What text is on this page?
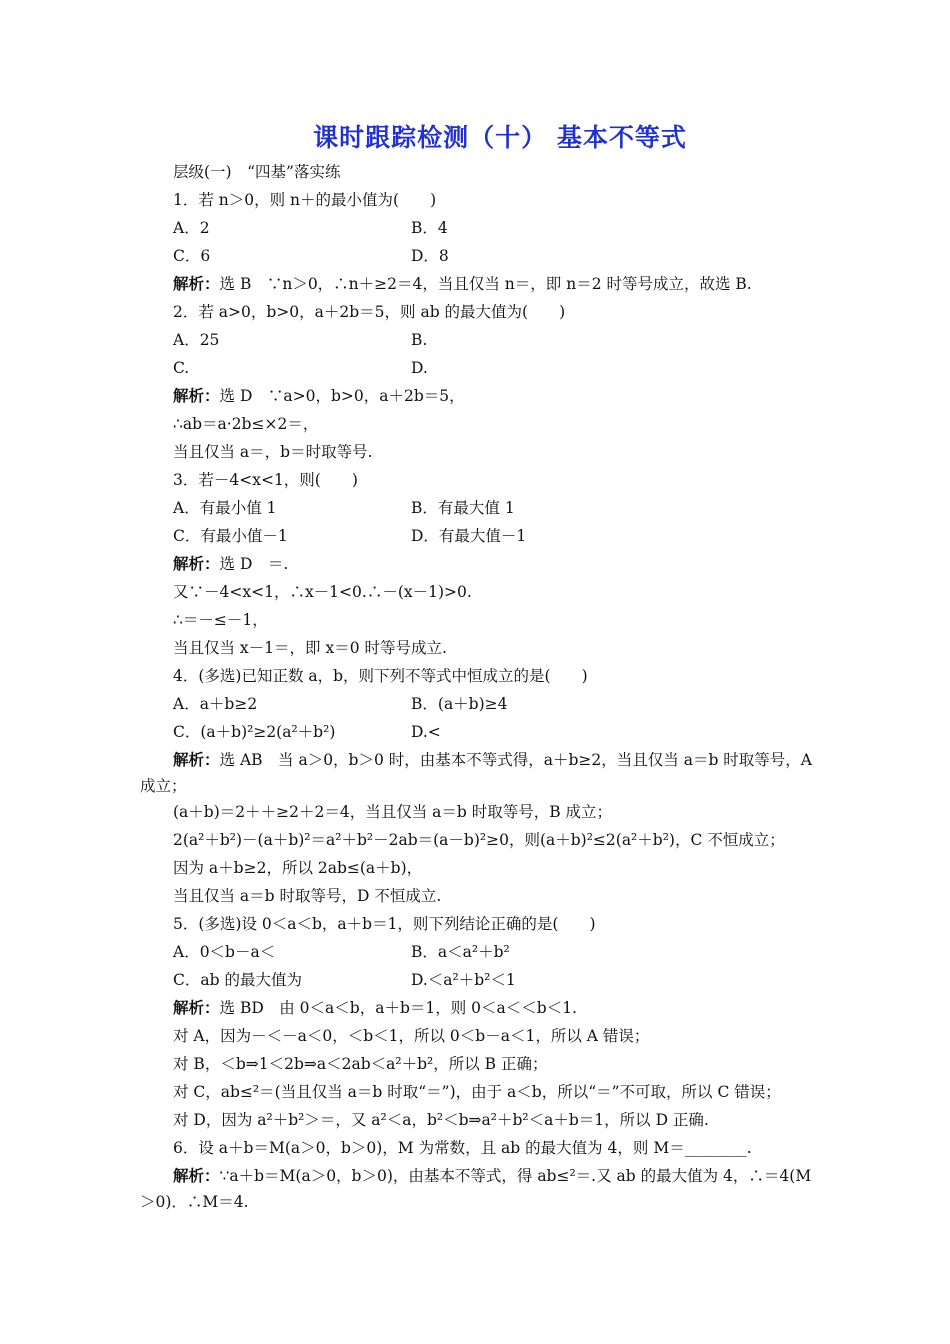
课时跟踪检测（十） 基本不等式
层级(一)　“四基”落实练
1．若 n＞0，则 n＋的最小值为(　　)
A．2	B．4
C．6	D．8
解析：选 B　∵n＞0，∴n＋≥2＝4，当且仅当 n＝，即 n＝2 时等号成立，故选 B.
2．若 a>0，b>0，a＋2b＝5，则 ab 的最大值为(　　)
A．25	B.
C.	D.
解析：选 D　∵a>0，b>0，a＋2b＝5，
∴ab＝a·2b≤×2＝，
当且仅当 a＝，b＝时取等号.
3．若－4<x<1，则(　　)
A．有最小值 1	B．有最大值 1
C．有最小值－1	D．有最大值－1
解析：选 D　＝.
又∵－4<x<1，∴x－1<0.∴－(x－1)>0.
∴＝－≤－1，
当且仅当 x－1＝，即 x＝0 时等号成立.
4．(多选)已知正数 a，b，则下列不等式中恒成立的是(　　)
A．a＋b≥2	B．(a＋b)≥4
C．(a＋b)²≥2(a²＋b²)	D.<
解析：选 AB　当 a＞0，b＞0 时，由基本不等式得，a＋b≥2，当且仅当 a＝b 时取等号，A
成立；
(a＋b)＝2＋＋≥2＋2＝4，当且仅当 a＝b 时取等号，B 成立；
2(a²＋b²)－(a＋b)²＝a²＋b²－2ab＝(a－b)²≥0，则(a＋b)²≤2(a²＋b²)，C 不恒成立；
因为 a＋b≥2，所以 2ab≤(a＋b)，
当且仅当 a＝b 时取等号，D 不恒成立.
5．(多选)设 0＜a＜b，a＋b＝1，则下列结论正确的是(　　)
A．0＜b－a＜	B．a＜a²＋b²
C．ab 的最大值为	D.＜a²＋b²＜1
解析：选 BD　由 0＜a＜b，a＋b＝1，则 0＜a＜＜b＜1.
对 A，因为－＜－a＜0，＜b＜1，所以 0＜b－a＜1，所以 A 错误；
对 B，＜b⇒1＜2b⇒a＜2ab＜a²＋b²，所以 B 正确；
对 C，ab≤²＝(当且仅当 a＝b 时取“＝”)，由于 a＜b，所以“＝”不可取，所以 C 错误；
对 D，因为 a²＋b²＞＝，又 a²＜a，b²＜b⇒a²＋b²＜a＋b＝1，所以 D 正确.
6．设 a＋b＝M(a＞0，b＞0)，M 为常数，且 ab 的最大值为 4，则 M＝________.
解析：∵a＋b＝M(a＞0，b＞0)，由基本不等式，得 ab≤²＝.又 ab 的最大值为 4，∴＝4(M
＞0)．∴M＝4.
